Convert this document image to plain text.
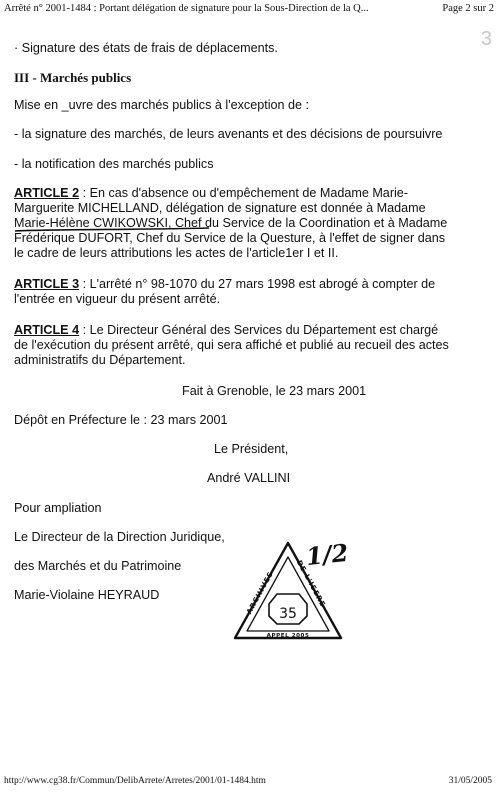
Arrêté n° 2001-1484 : Portant délégation de signature pour la Sous-Direction de la Q...	Page 2 sur 2
3
· Signature des états de frais de déplacements.
III - Marchés publics
Mise en _uvre des marchés publics à l'exception de :
- la signature des marchés, de leurs avenants et des décisions de poursuivre
- la notification des marchés publics
ARTICLE 2 : En cas d'absence ou d'empêchement de Madame Marie-
Marguerite MICHELLAND, délégation de signature est donnée à Madame
Marie-Hélène CWIKOWSKI, Chef du Service de la Coordination et à Madame
Frédérique DUFORT, Chef du Service de la Questure, à l'effet de signer dans
le cadre de leurs attributions les actes de l'article1er I et II.
ARTICLE 3 : L'arrêté n° 98-1070 du 27 mars 1998 est abrogé à compter de
l'entrée en vigueur du présent arrêté.
ARTICLE 4 : Le Directeur Général des Services du Département est chargé
de l'exécution du présent arrêté, qui sera affiché et publié au recueil des actes
administratifs du Département.
Fait à Grenoble, le 23 mars 2001
Dépôt en Préfecture le : 23 mars 2001
Le Président,
André VALLINI
Pour ampliation
Le Directeur de la Direction Juridique,
des Marchés et du Patrimoine
Marie-Violaine HEYRAUD
ARCHIVES
DE L'ISERE
35
APPEL 2005
1/2
http://www.cg38.fr/Commun/DelibArrete/Arretes/2001/01-1484.htm	31/05/2005
